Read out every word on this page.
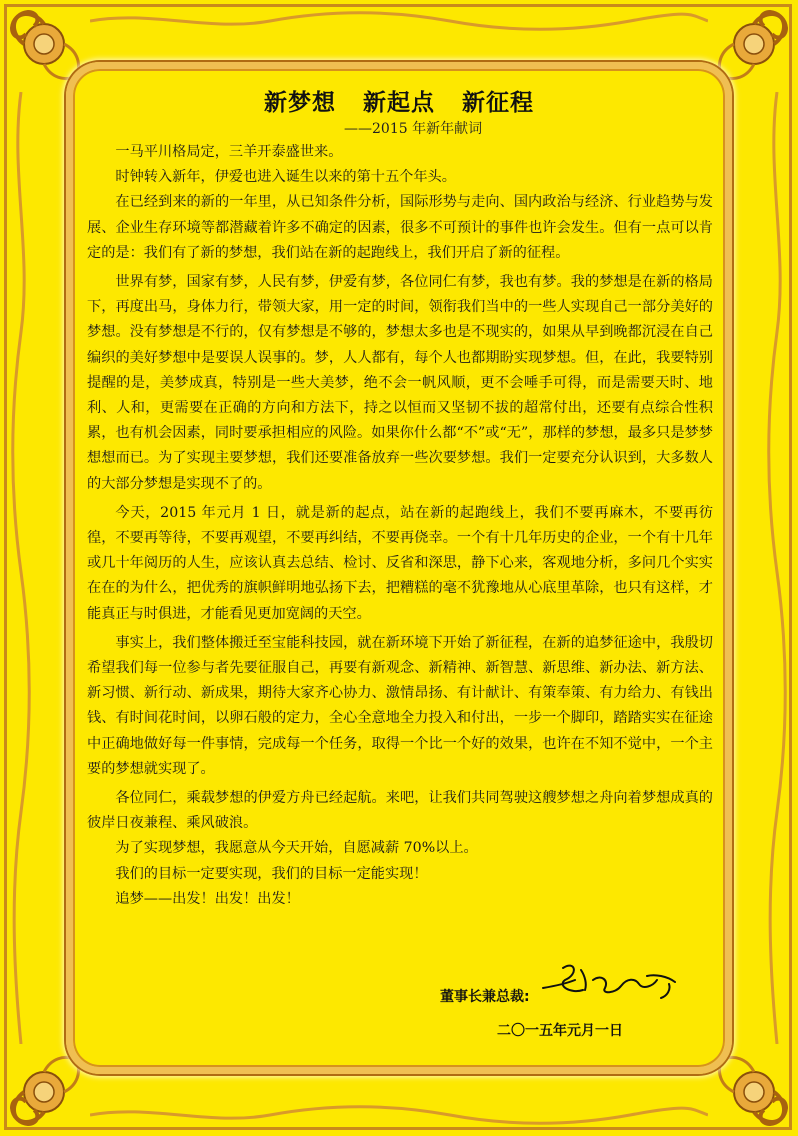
新梦想   新起点   新征程
——2015 年新年献词

一马平川格局定，三羊开泰盛世来。

时钟转入新年，伊爱也进入诞生以来的第十五个年头。

在已经到来的新的一年里，从已知条件分析，国际形势与走向、国内政治与经济、行业趋势与发展、企业生存环境等都潜藏着许多不确定的因素，很多不可预计的事件也许会发生。但有一点可以肯定的是：我们有了新的梦想，我们站在新的起跑线上，我们开启了新的征程。

世界有梦，国家有梦，人民有梦，伊爱有梦，各位同仁有梦，我也有梦。我的梦想是在新的格局下，再度出马，身体力行，带领大家，用一定的时间，领衔我们当中的一些人实现自己一部分美好的梦想。没有梦想是不行的，仅有梦想是不够的，梦想太多也是不现实的，如果从早到晚都沉浸在自己编织的美好梦想中是要误人误事的。梦，人人都有，每个人也都期盼实现梦想。但，在此，我要特别提醒的是，美梦成真，特别是一些大美梦，绝不会一帆风顺，更不会唾手可得，而是需要天时、地利、人和，更需要在正确的方向和方法下，持之以恒而又坚韧不拔的超常付出，还要有点综合性积累，也有机会因素，同时要承担相应的风险。如果你什么都“不”或“无”，那样的梦想，最多只是梦梦想想而已。为了实现主要梦想，我们还要准备放弃一些次要梦想。我们一定要充分认识到，大多数人的大部分梦想是实现不了的。

今天，2015 年元月 1 日，就是新的起点，站在新的起跑线上，我们不要再麻木，不要再彷徨，不要再等待，不要再观望，不要再纠结，不要再侥幸。一个有十几年历史的企业，一个有十几年或几十年阅历的人生，应该认真去总结、检讨、反省和深思，静下心来，客观地分析，多问几个实实在在的为什么，把优秀的旗帜鲜明地弘扬下去，把糟糕的毫不犹豫地从心底里革除，也只有这样，才能真正与时俱进，才能看见更加宽阔的天空。

事实上，我们整体搬迁至宝能科技园，就在新环境下开始了新征程，在新的追梦征途中，我殷切希望我们每一位参与者先要征服自己，再要有新观念、新精神、新智慧、新思维、新办法、新方法、新习惯、新行动、新成果，期待大家齐心协力、激情昂扬、有计献计、有策奉策、有力给力、有钱出钱、有时间花时间，以卵石般的定力，全心全意地全力投入和付出，一步一个脚印，踏踏实实在征途中正确地做好每一件事情，完成每一个任务，取得一个比一个好的效果，也许在不知不觉中，一个主要的梦想就实现了。

各位同仁，乘载梦想的伊爱方舟已经起航。来吧，让我们共同驾驶这艘梦想之舟向着梦想成真的彼岸日夜兼程、乘风破浪。

为了实现梦想，我愿意从今天开始，自愿减薪 70%以上。

我们的目标一定要实现，我们的目标一定能实现！

追梦——出发！出发！出发！

董事长兼总裁:
二〇一五年元月一日
